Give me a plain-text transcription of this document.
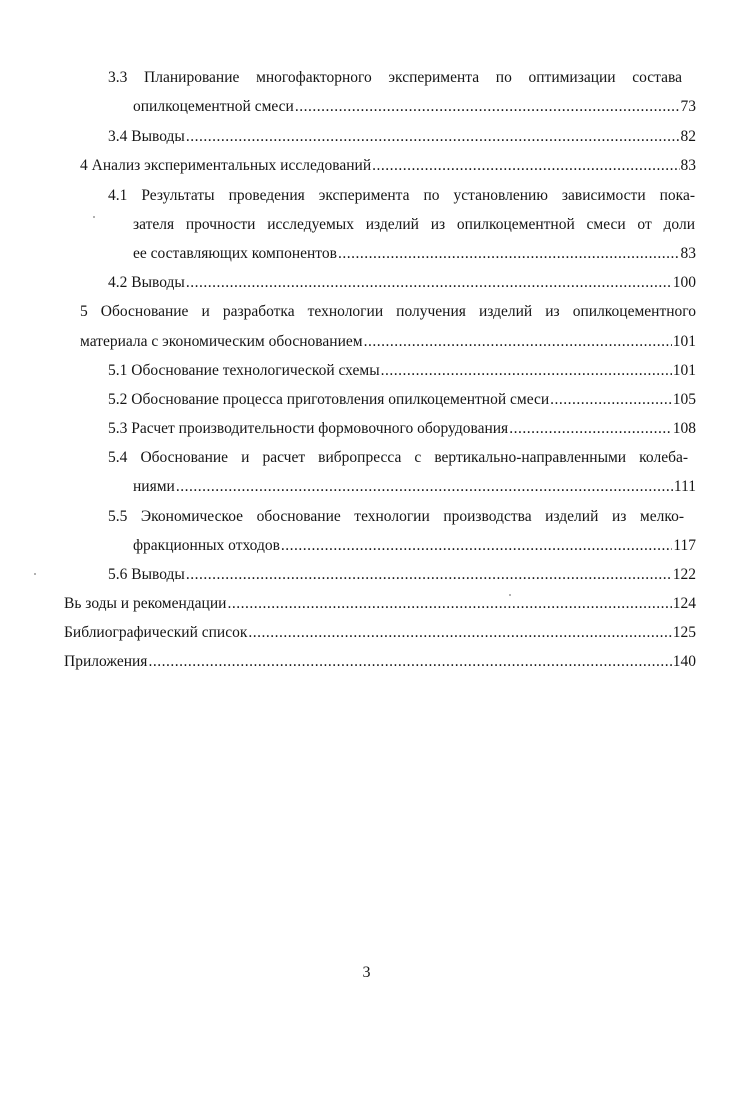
3.3 Планирование многофакторного эксперимента по оптимизации состава
опилкоцементной смеси .....	73
3.4 Выводы .....	82
4 Анализ экспериментальных исследований .....	83
4.1 Результаты проведения эксперимента по установлению зависимости пока-
зателя прочности исследуемых изделий из опилкоцементной смеси от доли
ее составляющих компонентов .....	83
4.2 Выводы .....	100
5 Обоснование и разработка технологии получения изделий из опилкоцементного
материала с экономическим обоснованием .....	101
5.1 Обоснование технологической схемы .....	101
5.2 Обоснование процесса приготовления опилкоцементной смеси .....	105
5.3 Расчет производительности формовочного оборудования .....	108
5.4 Обоснование и расчет вибропресса с вертикально-направленными колеба-
ниями .....	111
5.5 Экономическое обоснование технологии производства изделий из мелко-
фракционных отходов .....	117
5.6 Выводы .....	122
Вь зоды и рекомендации .....	124
Библиографический список .....	125
Приложения .....	140
3
